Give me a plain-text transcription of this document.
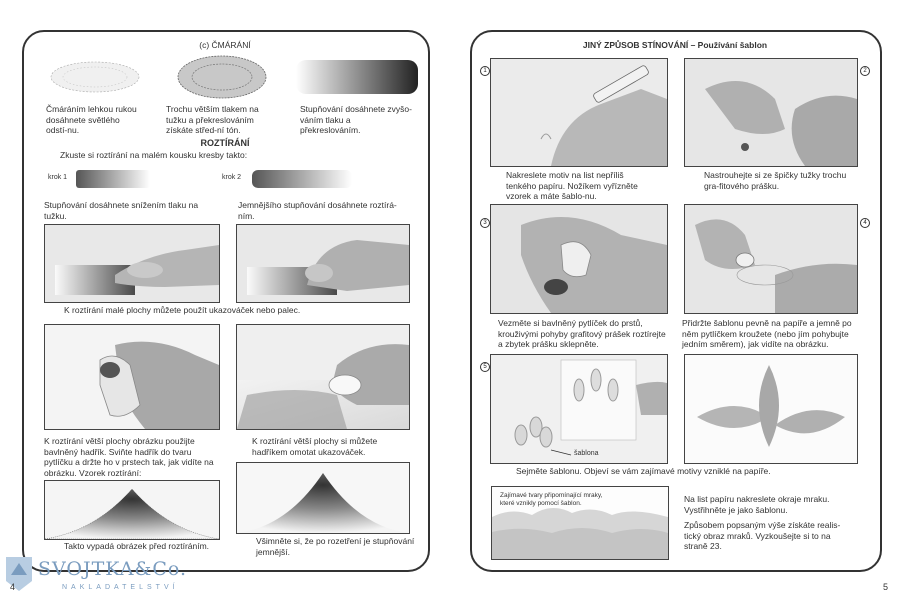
(c) ČMÁRÁNÍ
Čmáráním lehkou rukou dosáhnete světlého odstí-nu.
Trochu větším tlakem na tužku a překreslováním získáte střed-ní tón.
Stupňování dosáhnete zvyšo-váním tlaku a překreslováním.
ROZTÍRÁNÍ
Zkuste si roztírání na malém kousku kresby takto:
krok 1	krok 2
Stupňování dosáhnete snížením tlaku na tužku.
Jemnějšího stupňování dosáhnete roztírá-ním.
K roztírání malé plochy můžete použít ukazováček nebo palec.
K roztírání větší plochy obrázku použijte bavlněný hadřík. Sviňte hadřík do tvaru pytlíčku a držte ho v prstech tak, jak vidíte na obrázku. Vzorek roztírání:
K roztírání větší plochy si můžete hadříkem omotat ukazováček.
Takto vypadá obrázek před roztíráním.	Všimněte si, že po rozetření je stupňování jemnější.
SVOJTKA&Co.
NAKLADATELSTVÍ
4
JINÝ ZPŮSOB STÍNOVÁNÍ – Používání šablon
1
Nakreslete motiv na list nepříliš tenkého papíru. Nožíkem vyřízněte vzorek a máte šablo-nu.
2
Nastrouhejte si ze špičky tužky trochu gra-fitového prášku.
3
Vezměte si bavlněný pytlíček do prstů, krouživými pohyby grafitový prášek roztírejte a zbytek prášku sklepněte.
4
Přidržte šablonu pevně na papíře a jemně po něm pytlíčkem kroužete (nebo jím pohybujte jedním směrem), jak vidíte na obrázku.
5
šablona
Sejměte šablonu. Objeví se vám zajímavé motivy vzniklé na papíře.
Zajímavé tvary připomínající mraky, které vznikly pomocí šablon.	Na list papíru nakreslete okraje mraku. Vystřihněte je jako šablonu.
Způsobem popsaným výše získáte realis-tický obraz mraků. Vyzkoušejte si to na straně 23.
5
